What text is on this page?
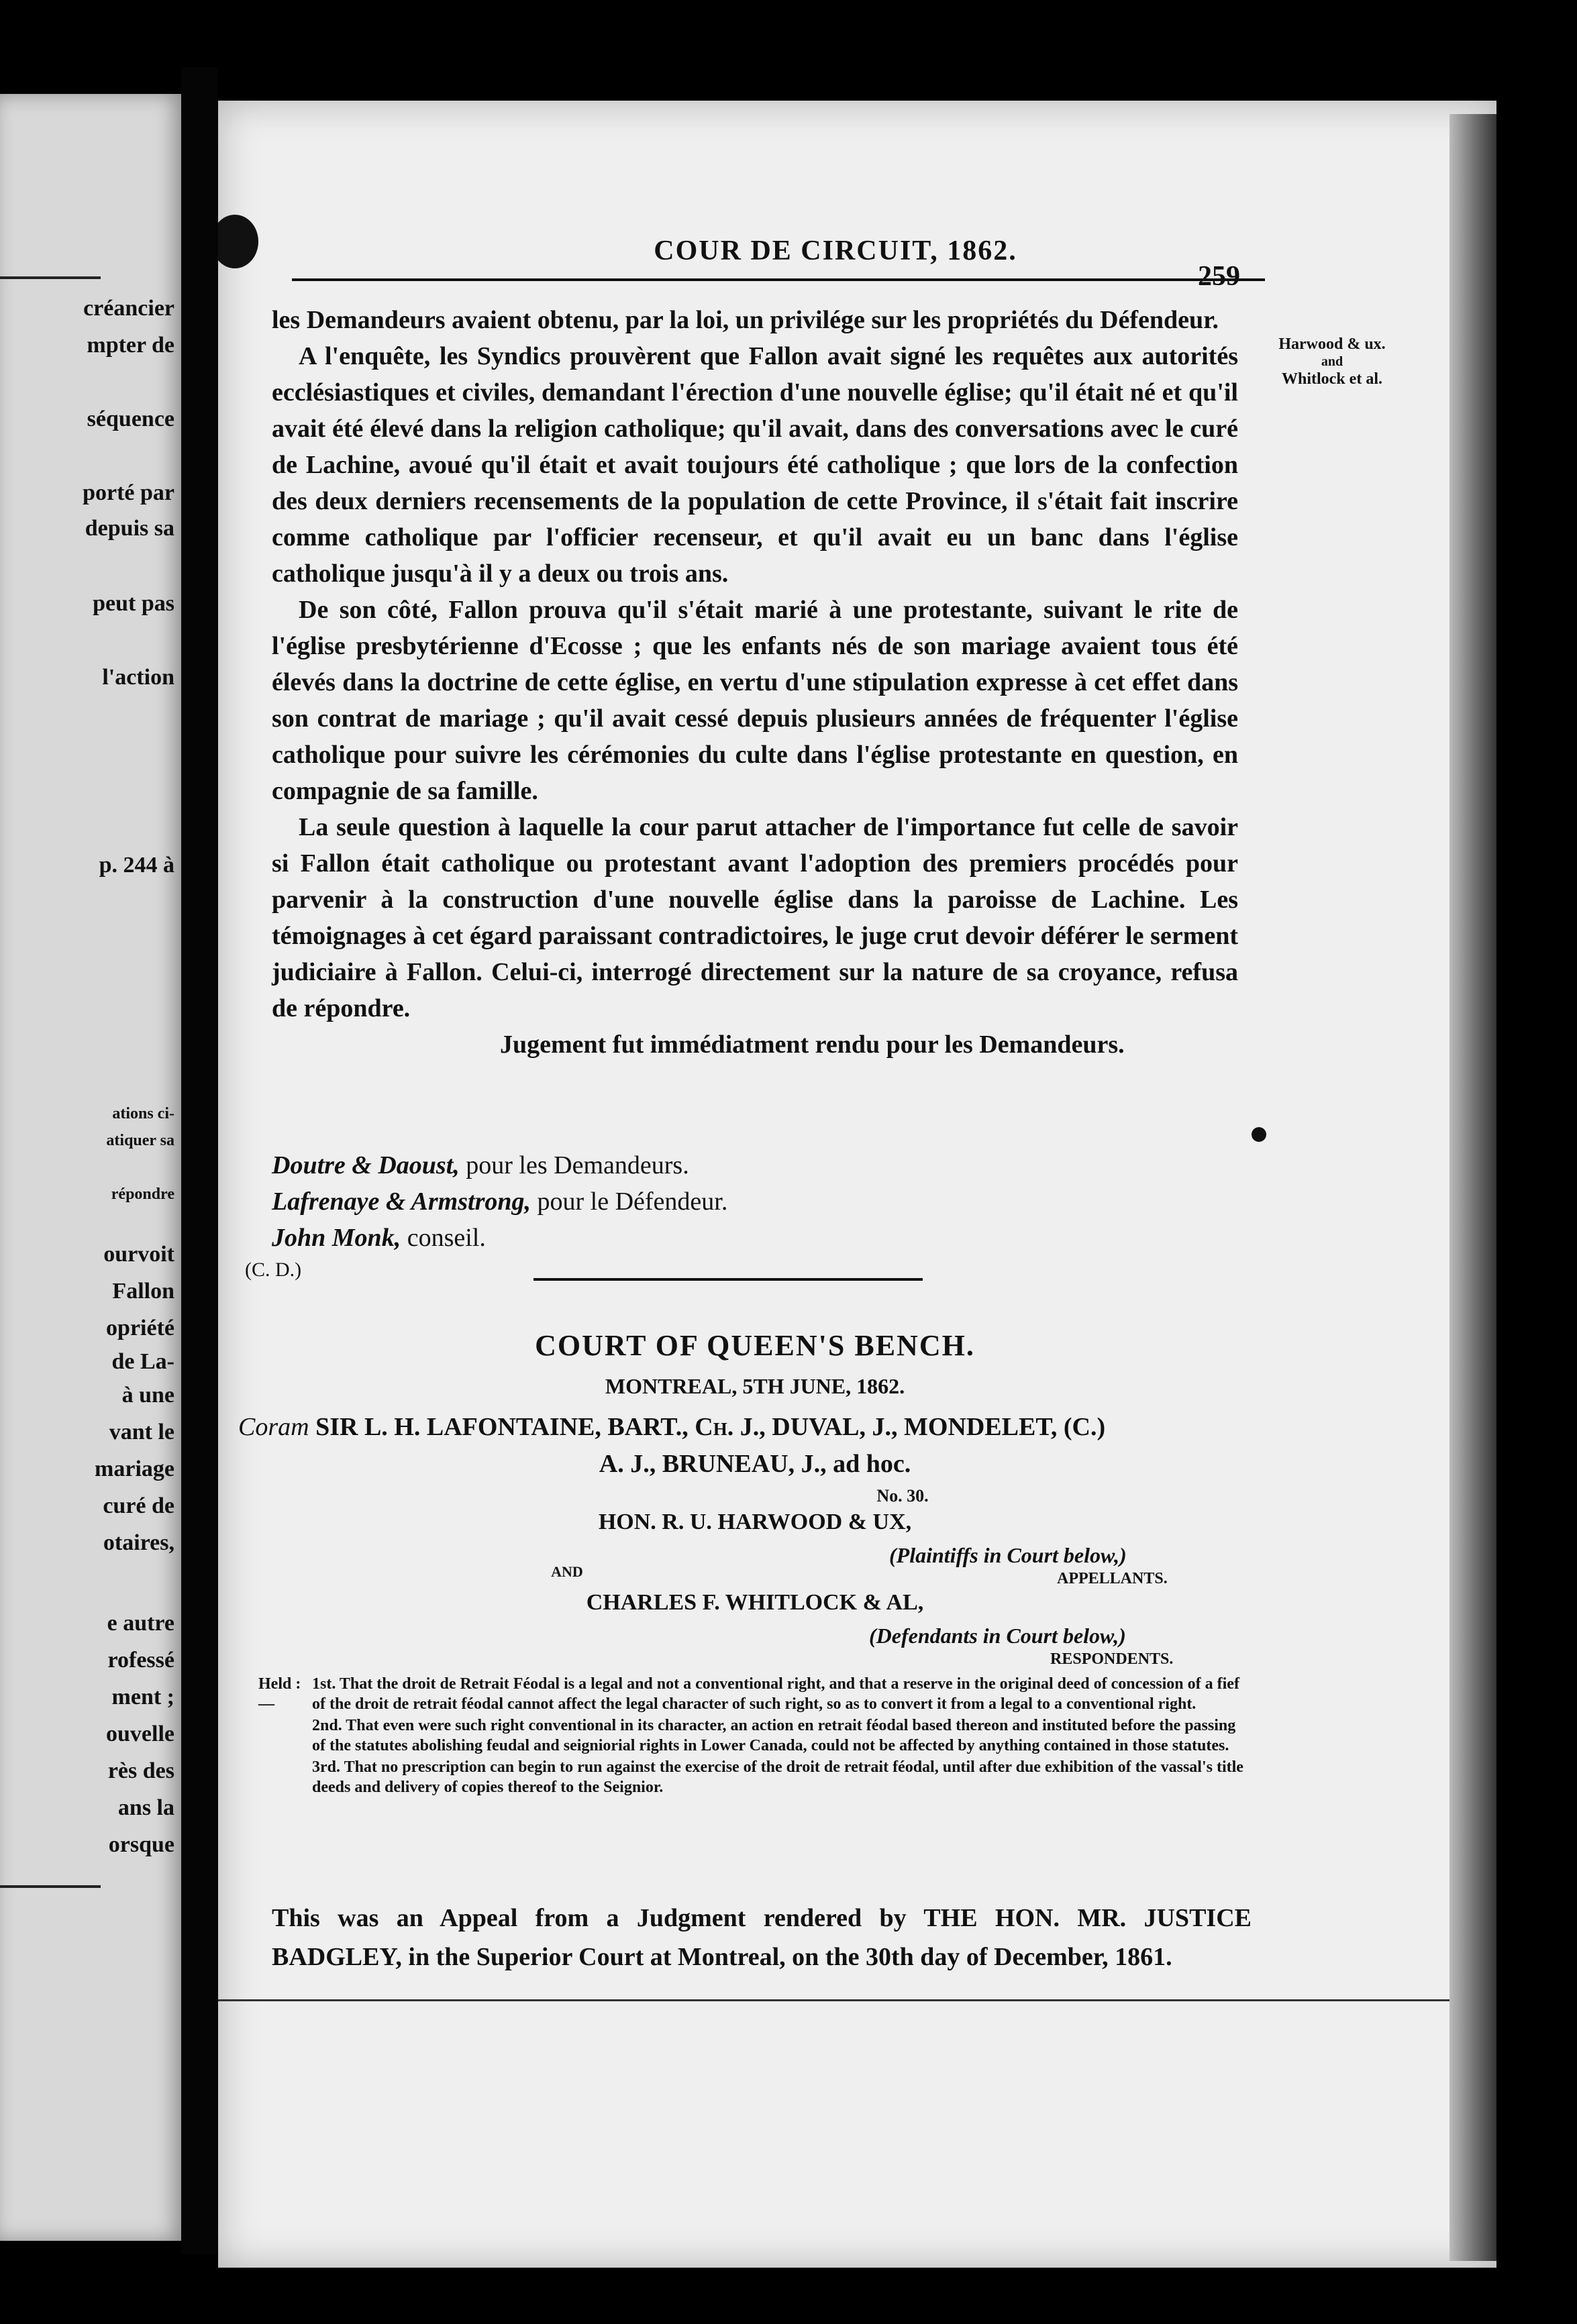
créancier
mpter de
séquence
porté par
depuis sa
peut pas
l'action
p. 244 à
ations ci-
atiquer sa
répondre
ourvoit
Fallon
opriété
de La-
à une
vant le
mariage
curé de
otaires,
e autre
rofessé
ment ;
ouvelle
rès des
ans la
orsque
COUR DE CIRCUIT, 1862.
259
Harwood & ux.
and
Whitlock et al.

les Demandeurs avaient obtenu, par la loi, un privilége sur les propriétés du Défendeur.

A l'enquête, les Syndics prouvèrent que Fallon avait signé les requêtes aux autorités ecclésiastiques et civiles, demandant l'érection d'une nouvelle église; qu'il était né et qu'il avait été élevé dans la religion catholique; qu'il avait, dans des conversations avec le curé de Lachine, avoué qu'il était et avait toujours été catholique ; que lors de la confection des deux derniers recensements de la population de cette Province, il s'était fait inscrire comme catholique par l'officier recenseur, et qu'il avait eu un banc dans l'église catholique jusqu'à il y a deux ou trois ans.

De son côté, Fallon prouva qu'il s'était marié à une protestante, suivant le rite de l'église presbytérienne d'Ecosse ; que les enfants nés de son mariage avaient tous été élevés dans la doctrine de cette église, en vertu d'une stipulation expresse à cet effet dans son contrat de mariage ; qu'il avait cessé depuis plusieurs années de fréquenter l'église catholique pour suivre les cérémonies du culte dans l'église protestante en question, en compagnie de sa famille.

La seule question à laquelle la cour parut attacher de l'importance fut celle de savoir si Fallon était catholique ou protestant avant l'adoption des premiers procédés pour parvenir à la construction d'une nouvelle église dans la paroisse de Lachine. Les témoignages à cet égard paraissant contradictoires, le juge crut devoir déférer le serment judiciaire à Fallon. Celui-ci, interrogé directement sur la nature de sa croyance, refusa de répondre.

Jugement fut immédiatment rendu pour les Demandeurs.

Doutre & Daoust, pour les Demandeurs.
Lafrenaye & Armstrong, pour le Défendeur.
John Monk, conseil.
(C. D.)
COURT OF QUEEN'S BENCH.
MONTREAL, 5TH JUNE, 1862.
Coram SIR L. H. LAFONTAINE, BART., Ch. J., DUVAL, J., MONDELET, (C.)
A. J., BRUNEAU, J., ad hoc.
No. 30.
HON. R. U. HARWOOD & UX,
(Plaintiffs in Court below,)
APPELLANTS.
AND
CHARLES F. WHITLOCK & AL,
(Defendants in Court below,)
RESPONDENTS.
Held :—
1st. That the droit de Retrait Féodal is a legal and not a conventional right, and that a reserve in the original deed of concession of a fief of the droit de retrait féodal cannot affect the legal character of such right, so as to convert it from a legal to a conventional right.
2nd. That even were such right conventional in its character, an action en retrait féodal based thereon and instituted before the passing of the statutes abolishing feudal and seigniorial rights in Lower Canada, could not be affected by anything contained in those statutes.
3rd. That no prescription can begin to run against the exercise of the droit de retrait féodal, until after due exhibition of the vassal's title deeds and delivery of copies thereof to the Seignior.
This was an Appeal from a Judgment rendered by THE HON. MR. JUSTICE BADGLEY, in the Superior Court at Montreal, on the 30th day of December, 1861.
